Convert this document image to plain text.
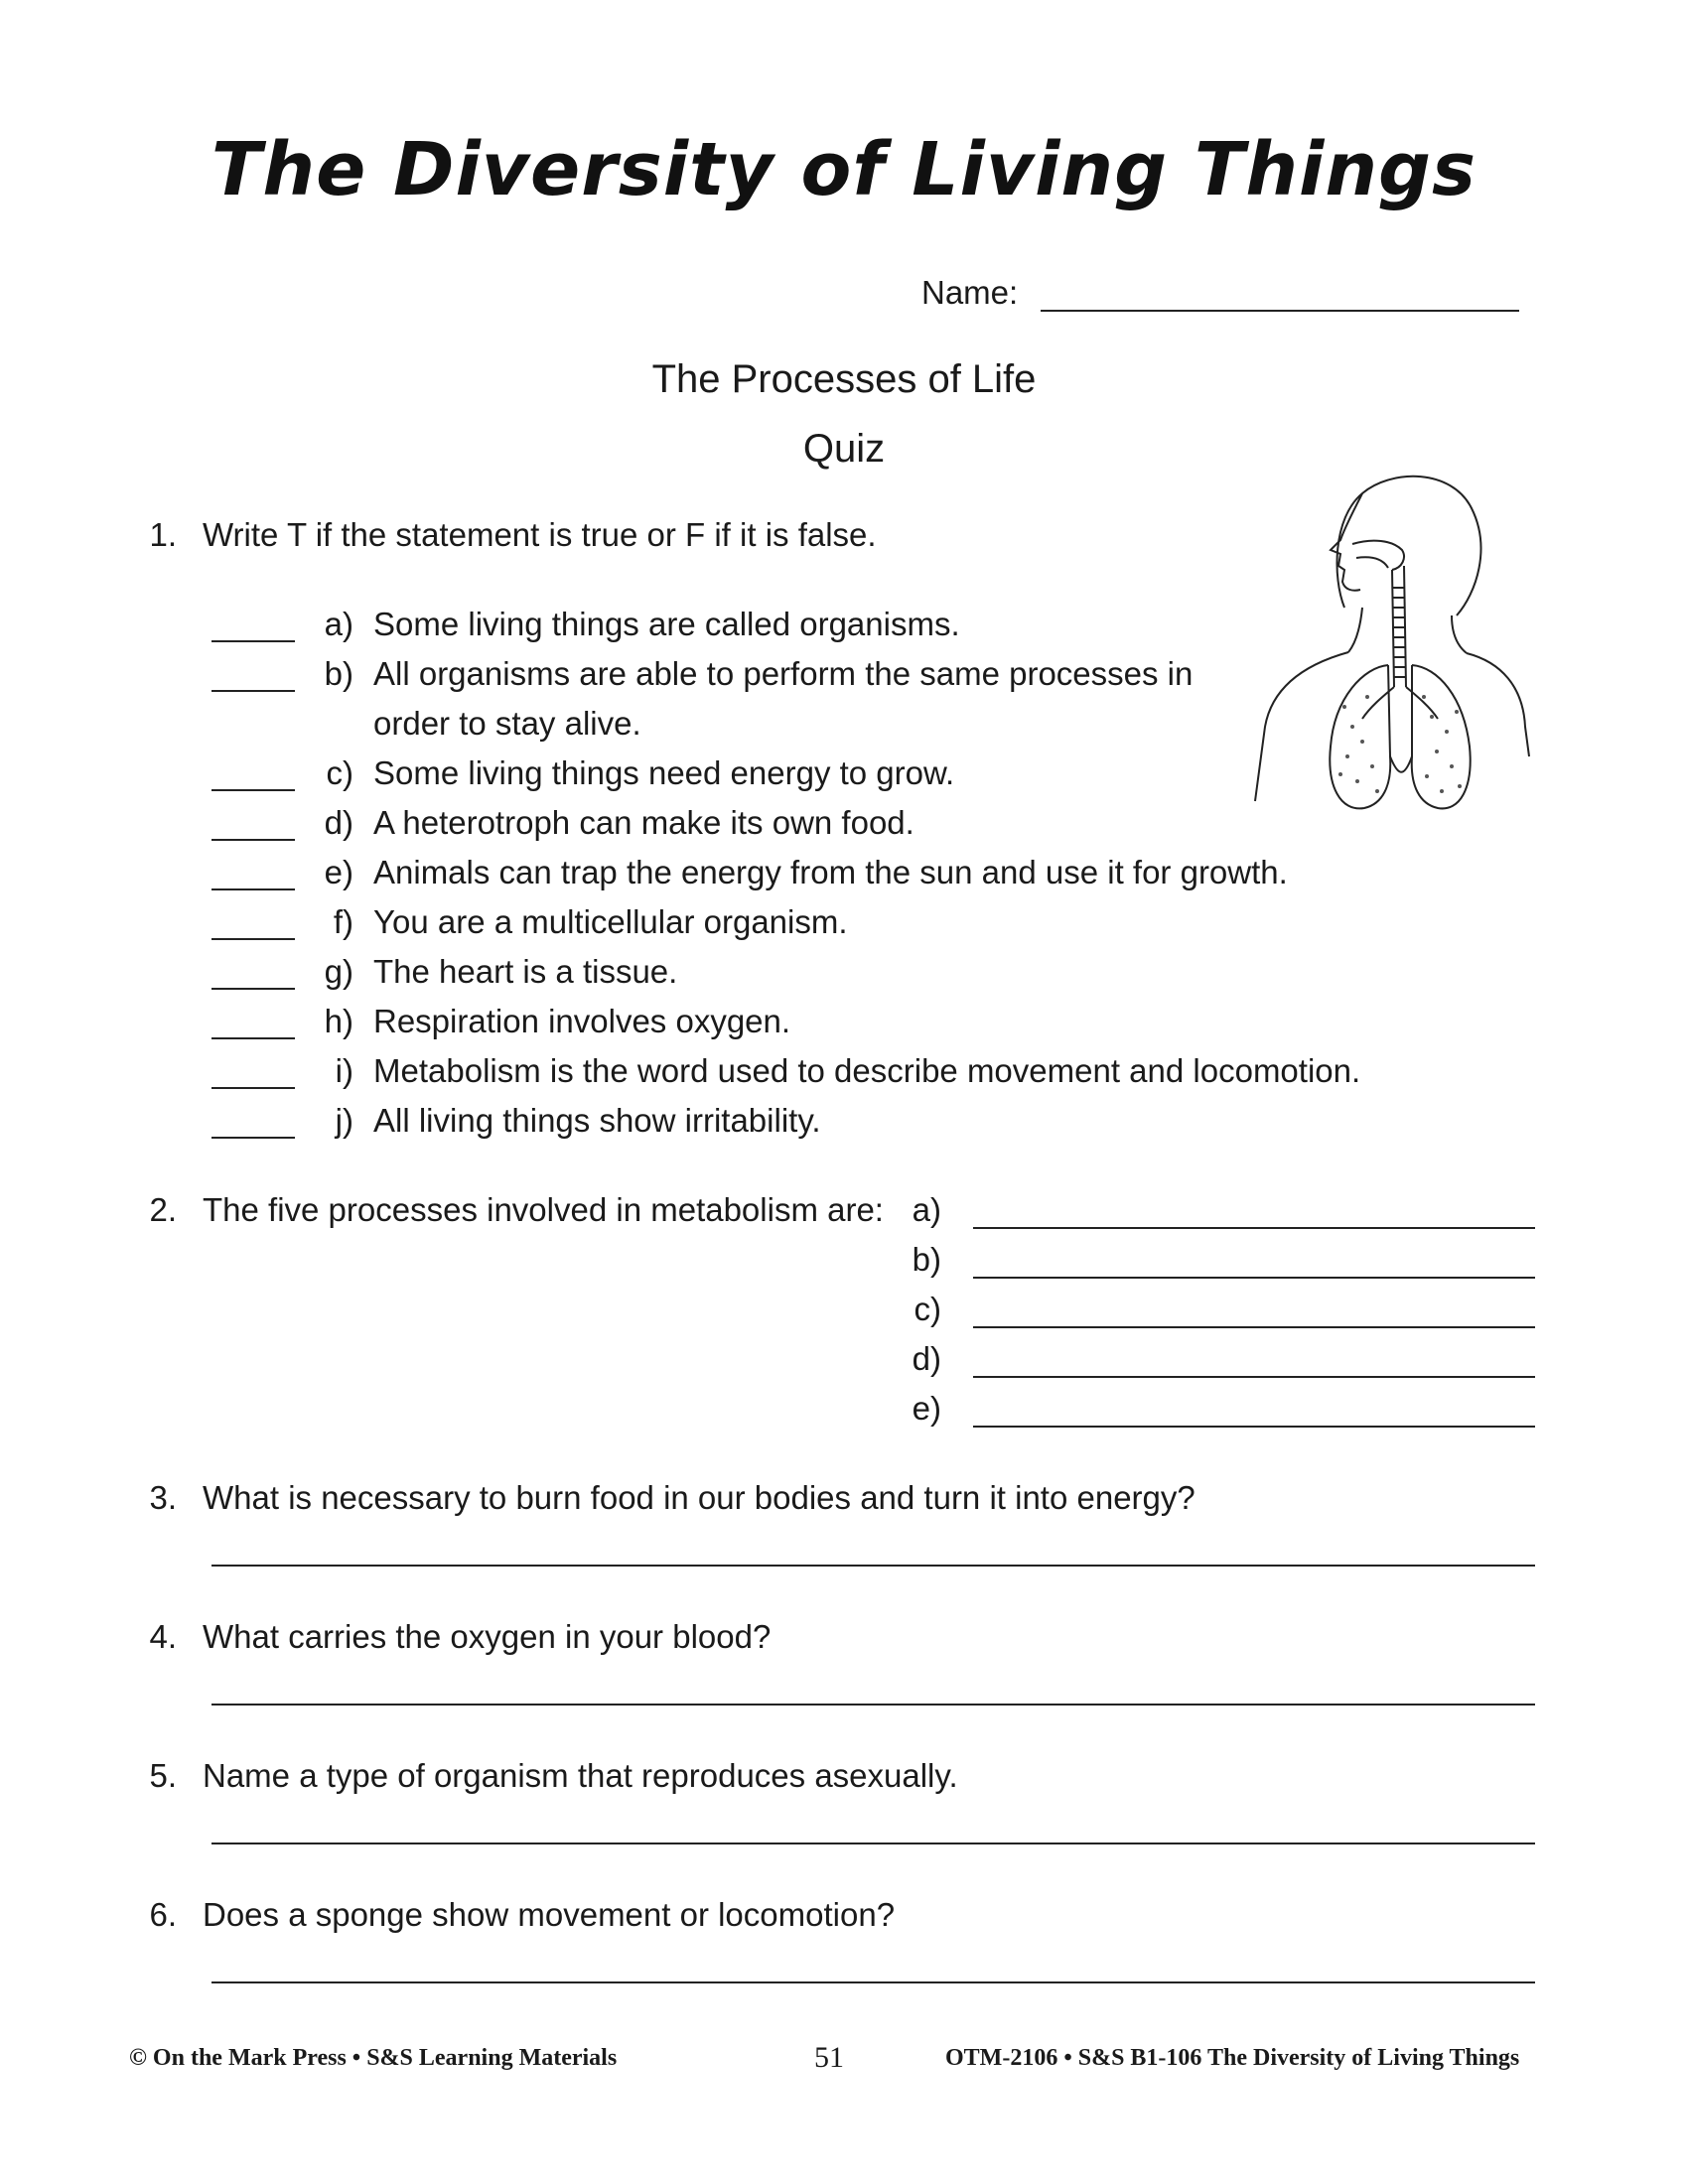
The Diversity of Living Things
Name:
The Processes of Life
Quiz
1. Write T if the statement is true or F if it is false.
a) Some living things are called organisms.
b) All organisms are able to perform the same processes in
order to stay alive.
c) Some living things need energy to grow.
d) A heterotroph can make its own food.
e) Animals can trap the energy from the sun and use it for growth.
f) You are a multicellular organism.
g) The heart is a tissue.
h) Respiration involves oxygen.
i) Metabolism is the word used to describe movement and locomotion.
j) All living things show irritability.
2. The five processes involved in metabolism are: a)
b)
c)
d)
e)
3. What is necessary to burn food in our bodies and turn it into energy?
4. What carries the oxygen in your blood?
5. Name a type of organism that reproduces asexually.
6. Does a sponge show movement or locomotion?
© On the Mark Press • S&S Learning Materials	51	OTM-2106 • S&S B1-106 The Diversity of Living Things
